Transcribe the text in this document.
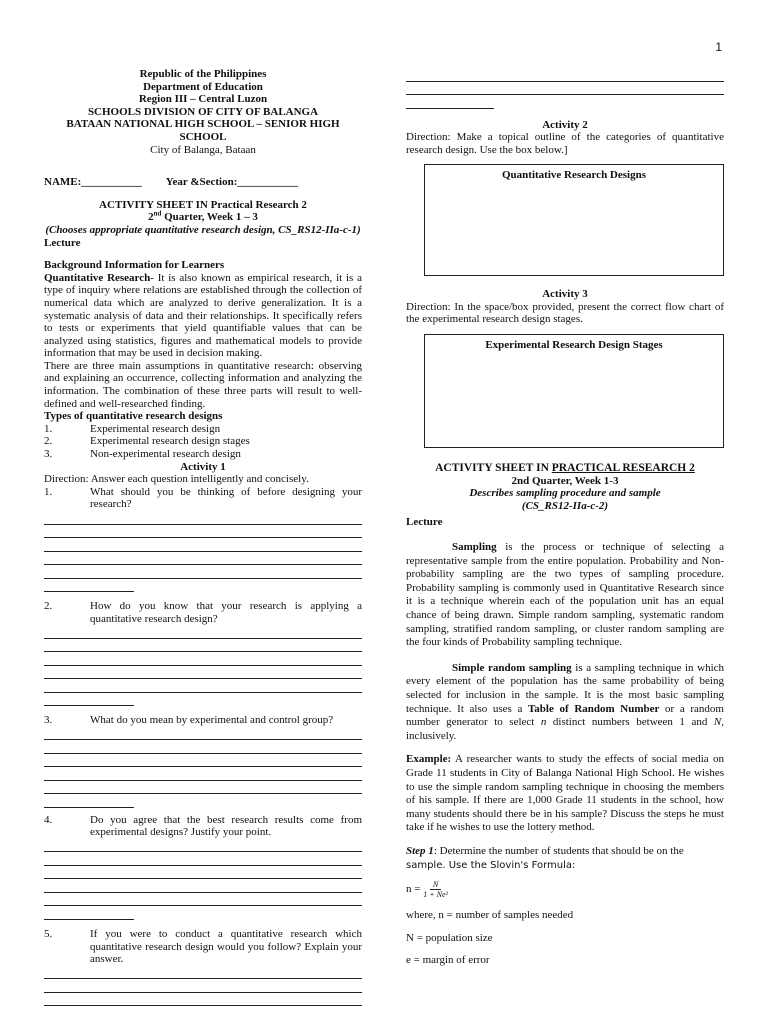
1
Republic of the Philippines
Department of Education
Region III – Central Luzon
SCHOOLS DIVISION OF CITY OF BALANGA
BATAAN NATIONAL HIGH SCHOOL – SENIOR HIGH SCHOOL
City of Balanga, Bataan
NAME:___________ Year &Section:___________
ACTIVITY SHEET IN Practical Research 2
2nd Quarter, Week 1 – 3
(Chooses appropriate quantitative research design, CS_RS12-IIa-c-1)
Lecture
Background Information for Learners
Quantitative Research- It is also known as empirical research, it is a type of inquiry where relations are established through the collection of numerical data which are analyzed to derive generalization. It is a systematic analysis of data and their relationships. It specifically refers to tests or experiments that yield quantifiable values that can be analyzed using statistics, figures and mathematical models to provide information that may be used in decision making.
There are three main assumptions in quantitative research: observing and explaining an occurrence, collecting information and analyzing the information. The combination of these three parts will result to well-defined and well-researched finding.
Types of quantitative research designs
1.	Experimental research design
2.	Experimental research design stages
3.	Non-experimental research design
Activity 1
Direction: Answer each question intelligently and concisely.
1.	What should you be thinking of before designing your research?
2.	How do you know that your research is applying a quantitative research design?
3.	What do you mean by experimental and control group?
4.	Do you agree that the best research results come from experimental designs? Justify your point.
5.	If you were to conduct a quantitative research which quantitative research design would you follow? Explain your answer.
Activity 2
Direction: Make a topical outline of the categories of quantitative research design. Use the box below.]
Quantitative Research Designs
Activity 3
Direction: In the space/box provided, present the correct flow chart of the experimental research design stages.
Experimental Research Design Stages
ACTIVITY SHEET IN PRACTICAL RESEARCH 2
2nd Quarter, Week 1-3
Describes sampling procedure and sample
(CS_RS12-IIa-c-2)
Lecture
Sampling is the process or technique of selecting a representative sample from the entire population. Probability and Non-probability sampling are the two types of sampling procedure. Probability sampling is commonly used in Quantitative Research since it is a technique wherein each of the population unit has an equal chance of being drawn. Simple random sampling, systematic random sampling, stratified random sampling, or cluster random sampling are the four kinds of Probability sampling technique.
Simple random sampling is a sampling technique in which every element of the population has the same probability of being selected for inclusion in the sample. It is the most basic sampling technique. It also uses a Table of Random Number or a random number generator to select n distinct numbers between 1 and N, inclusively.
Example: A researcher wants to study the effects of social media on Grade 11 students in City of Balanga National High School. He wishes to use the simple random sampling technique in choosing the members of his sample. If there are 1,000 Grade 11 students in the school, how many students should there be in his sample? Discuss the steps he must take if he wishes to use the lottery method.
Step 1: Determine the number of students that should be on the
sample. Use the Slovin's Formula:
$n = \frac{N}{\text{1 + Ne²}}$
where, n = number of samples needed
N = population size
e = margin of error
